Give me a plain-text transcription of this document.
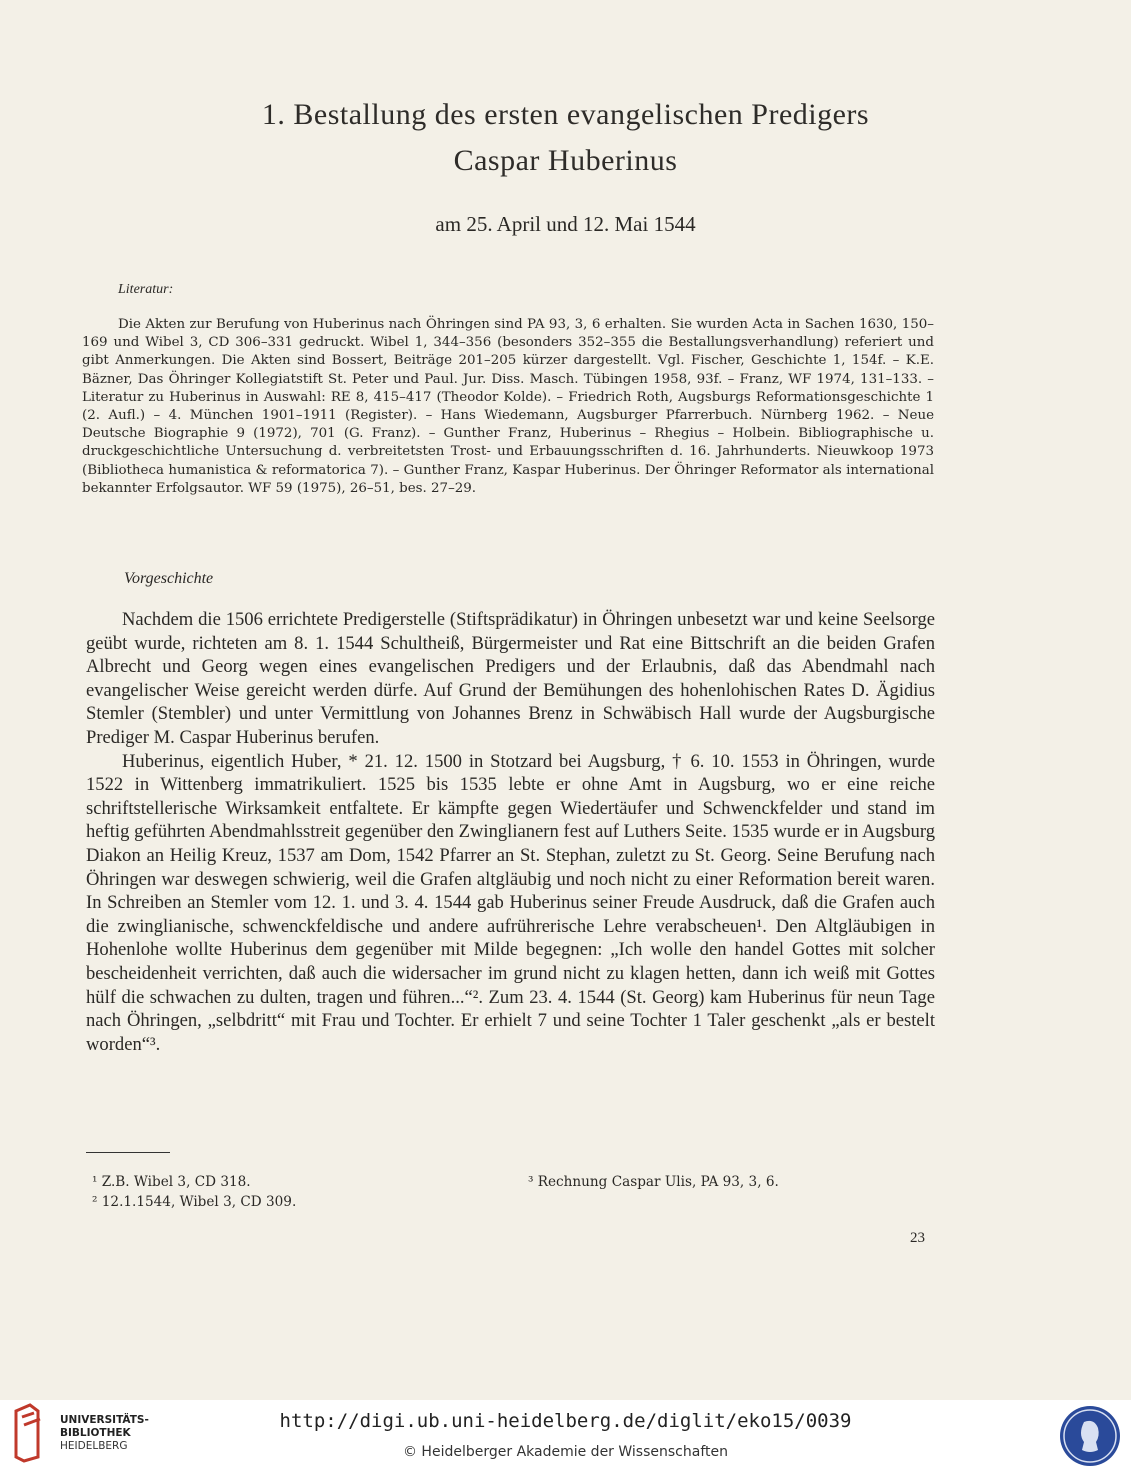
1. Bestallung des ersten evangelischen Predigers
Caspar Huberinus
am 25. April und 12. Mai 1544
Literatur:

Die Akten zur Berufung von Huberinus nach Öhringen sind PA 93, 3, 6 erhalten. Sie wurden Acta in Sachen 1630, 150–169 und Wibel 3, CD 306–331 gedruckt. Wibel 1, 344–356 (besonders 352–355 die Bestallungsverhandlung) referiert und gibt Anmerkungen. Die Akten sind Bossert, Beiträge 201–205 kürzer dargestellt. Vgl. Fischer, Geschichte 1, 154f. – K.E. Bäzner, Das Öhringer Kollegiatstift St. Peter und Paul. Jur. Diss. Masch. Tübingen 1958, 93f. – Franz, WF 1974, 131–133. – Literatur zu Huberinus in Auswahl: RE 8, 415–417 (Theodor Kolde). – Friedrich Roth, Augsburgs Reformationsgeschichte 1 (2. Aufl.) – 4. München 1901–1911 (Register). – Hans Wiedemann, Augsburger Pfarrerbuch. Nürnberg 1962. – Neue Deutsche Biographie 9 (1972), 701 (G. Franz). – Gunther Franz, Huberinus – Rhegius – Holbein. Bibliographische u. druckgeschichtliche Untersuchung d. verbreitetsten Trost- und Erbauungsschriften d. 16. Jahrhunderts. Nieuwkoop 1973 (Bibliotheca humanistica & reformatorica 7). – Gunther Franz, Kaspar Huberinus. Der Öhringer Reformator als international bekannter Erfolgsautor. WF 59 (1975), 26–51, bes. 27–29.

Vorgeschichte

Nachdem die 1506 errichtete Predigerstelle (Stiftsprädikatur) in Öhringen unbesetzt war und keine Seelsorge geübt wurde, richteten am 8. 1. 1544 Schultheiß, Bürgermeister und Rat eine Bittschrift an die beiden Grafen Albrecht und Georg wegen eines evangelischen Predigers und der Erlaubnis, daß das Abendmahl nach evangelischer Weise gereicht werden dürfe. Auf Grund der Bemühungen des hohenlohischen Rates D. Ägidius Stemler (Stembler) und unter Vermittlung von Johannes Brenz in Schwäbisch Hall wurde der Augsburgische Prediger M. Caspar Huberinus berufen.

Huberinus, eigentlich Huber, * 21. 12. 1500 in Stotzard bei Augsburg, † 6. 10. 1553 in Öhringen, wurde 1522 in Wittenberg immatrikuliert. 1525 bis 1535 lebte er ohne Amt in Augsburg, wo er eine reiche schriftstellerische Wirksamkeit entfaltete. Er kämpfte gegen Wiedertäufer und Schwenckfelder und stand im heftig geführten Abendmahlsstreit gegenüber den Zwinglianern fest auf Luthers Seite. 1535 wurde er in Augsburg Diakon an Heilig Kreuz, 1537 am Dom, 1542 Pfarrer an St. Stephan, zuletzt zu St. Georg. Seine Berufung nach Öhringen war deswegen schwierig, weil die Grafen altgläubig und noch nicht zu einer Reformation bereit waren. In Schreiben an Stemler vom 12. 1. und 3. 4. 1544 gab Huberinus seiner Freude Ausdruck, daß die Grafen auch die zwinglianische, schwenckfeldische und andere aufrührerische Lehre verabscheuen¹. Den Altgläubigen in Hohenlohe wollte Huberinus dem gegenüber mit Milde begegnen: „Ich wolle den handel Gottes mit solcher bescheidenheit verrichten, daß auch die widersacher im grund nicht zu klagen hetten, dann ich weiß mit Gottes hülf die schwachen zu dulten, tragen und führen...“². Zum 23. 4. 1544 (St. Georg) kam Huberinus für neun Tage nach Öhringen, „selbdritt“ mit Frau und Tochter. Er erhielt 7 und seine Tochter 1 Taler geschenkt „als er bestelt worden“³.

¹ Z.B. Wibel 3, CD 318.
² 12.1.1544, Wibel 3, CD 309.
³ Rechnung Caspar Ulis, PA 93, 3, 6.
23
UNIVERSITÄTS-
BIBLIOTHEK
HEIDELBERG
http://digi.ub.uni-heidelberg.de/diglit/eko15/0039
© Heidelberger Akademie der Wissenschaften
